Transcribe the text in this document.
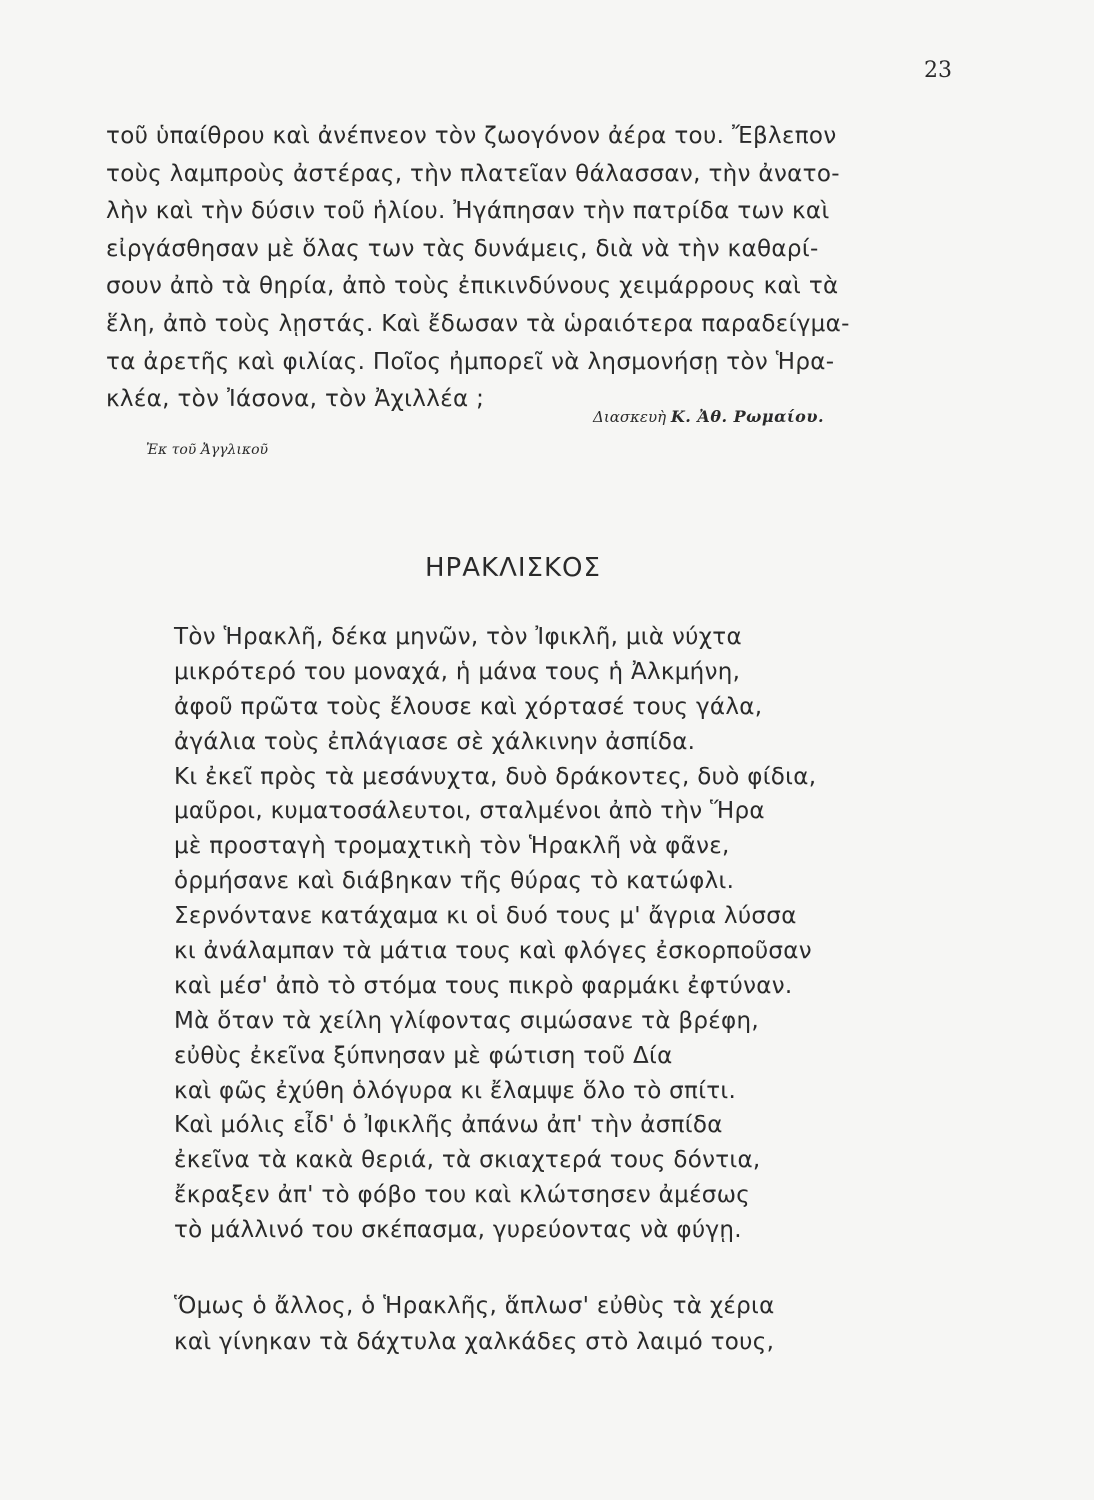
23
τοῦ ὑπαίθρου καὶ ἀνέπνεον τὸν ζωογόνον ἀέρα του. Ἔβλεπον
τοὺς λαμπροὺς ἀστέρας, τὴν πλατεῖαν θάλασσαν, τὴν ἀνατο-
λὴν καὶ τὴν δύσιν τοῦ ἡλίου. Ἠγάπησαν τὴν πατρίδα των καὶ
εἰργάσθησαν μὲ ὅλας των τὰς δυνάμεις, διὰ νὰ τὴν καθαρί-
σουν ἀπὸ τὰ θηρία, ἀπὸ τοὺς ἐπικινδύνους χειμάρρους καὶ τὰ
ἕλη, ἀπὸ τοὺς λῃστάς. Καὶ ἔδωσαν τὰ ὡραιότερα παραδείγμα-
τα ἀρετῆς καὶ φιλίας. Ποῖος ἠμπορεῖ νὰ λησμονήσῃ τὸν Ἡρα-
κλέα, τὸν Ἰάσονα, τὸν Ἀχιλλέα ;
Διασκευὴ Κ. Ἀθ. Ρωμαίου.
Ἐκ τοῦ Ἀγγλικοῦ
ΗΡΑΚΛΙΣΚΟΣ
Τὸν Ἡρακλῆ, δέκα μηνῶν, τὸν Ἰφικλῆ, μιὰ νύχτα
μικρότερό του μοναχά, ἡ μάνα τους ἡ Ἀλκμήνη,
ἀφοῦ πρῶτα τοὺς ἔλουσε καὶ χόρτασέ τους γάλα,
ἀγάλια τοὺς ἐπλάγιασε σὲ χάλκινην ἀσπίδα.
Κι ἐκεῖ πρὸς τὰ μεσάνυχτα, δυὸ δράκοντες, δυὸ φίδια,
μαῦροι, κυματοσάλευτοι, σταλμένοι ἀπὸ τὴν Ἥρα
μὲ προσταγὴ τρομαχτικὴ τὸν Ἡρακλῆ νὰ φᾶνε,
ὁρμήσανε καὶ διάβηκαν τῆς θύρας τὸ κατώφλι.
Σερνόντανε κατάχαμα κι οἱ δυό τους μ' ἄγρια λύσσα
κι ἀνάλαμπαν τὰ μάτια τους καὶ φλόγες ἐσκορποῦσαν
καὶ μέσ' ἀπὸ τὸ στόμα τους πικρὸ φαρμάκι ἐφτύναν.
Μὰ ὅταν τὰ χείλη γλίφοντας σιμώσανε τὰ βρέφη,
εὐθὺς ἐκεῖνα ξύπνησαν μὲ φώτιση τοῦ Δία
καὶ φῶς ἐχύθη ὁλόγυρα κι ἔλαμψε ὅλο τὸ σπίτι.
Καὶ μόλις εἶδ' ὁ Ἰφικλῆς ἀπάνω ἀπ' τὴν ἀσπίδα
ἐκεῖνα τὰ κακὰ θεριά, τὰ σκιαχτερά τους δόντια,
ἔκραξεν ἀπ' τὸ φόβο του καὶ κλώτσησεν ἀμέσως
τὸ μάλλινό του σκέπασμα, γυρεύοντας νὰ φύγῃ.
Ὅμως ὁ ἄλλος, ὁ Ἡρακλῆς, ἅπλωσ' εὐθὺς τὰ χέρια
καὶ γίνηκαν τὰ δάχτυλα χαλκάδες στὸ λαιμό τους,
